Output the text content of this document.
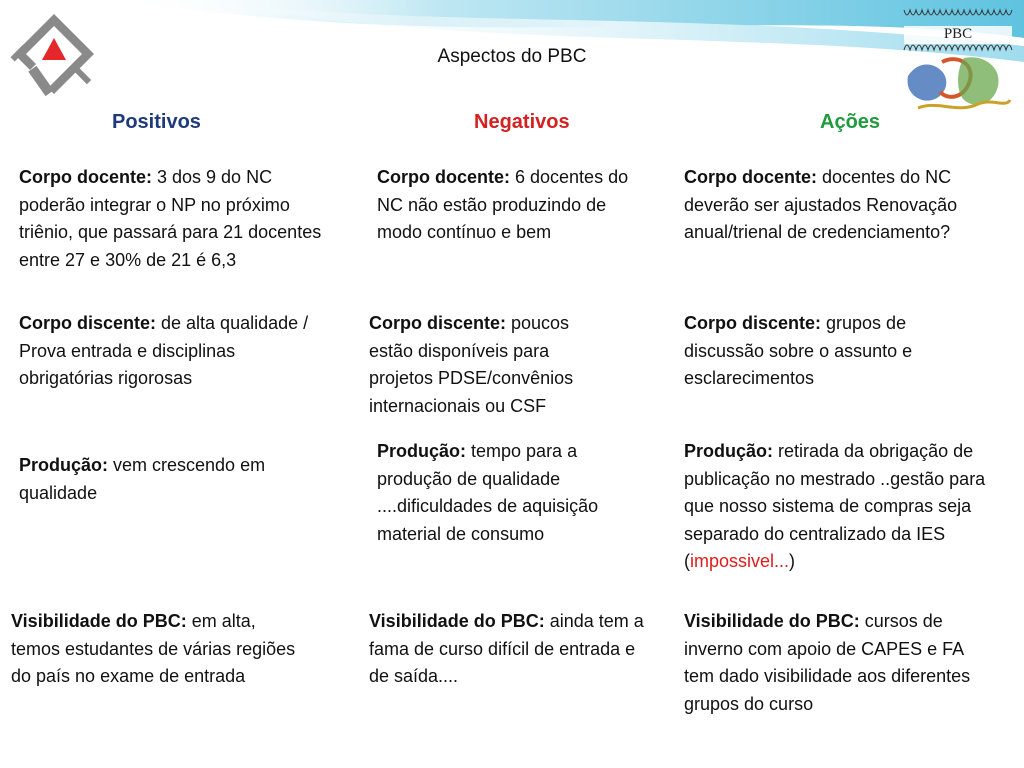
PBC
Aspectos do PBC
Positivos	Negativos	Ações
Corpo docente: 3 dos 9 do NC poderão integrar o NP no próximo triênio, que passará para 21 docentes entre 27 e 30% de 21 é 6,3
Corpo discente: de alta qualidade / Prova entrada e disciplinas obrigatórias rigorosas
Produção: vem crescendo em qualidade
Visibilidade do PBC: em alta, temos estudantes de várias regiões do país no exame de entrada
Corpo docente: 6 docentes do NC não estão produzindo de modo contínuo e bem
Corpo discente: poucos estão disponíveis para projetos PDSE/convênios internacionais ou CSF
Produção: tempo para a produção de qualidade ....dificuldades de aquisição material de consumo
Visibilidade do PBC: ainda tem a fama de curso difícil de entrada e de saída....
Corpo docente: docentes do NC deverão ser ajustados Renovação anual/trienal de credenciamento?
Corpo discente: grupos de discussão sobre o assunto e esclarecimentos
Produção: retirada da obrigação de publicação no mestrado ..gestão para que nosso sistema de compras seja separado do centralizado da IES (impossivel...)
Visibilidade do PBC: cursos de inverno com apoio de CAPES e FA tem dado visibilidade aos diferentes grupos do curso
